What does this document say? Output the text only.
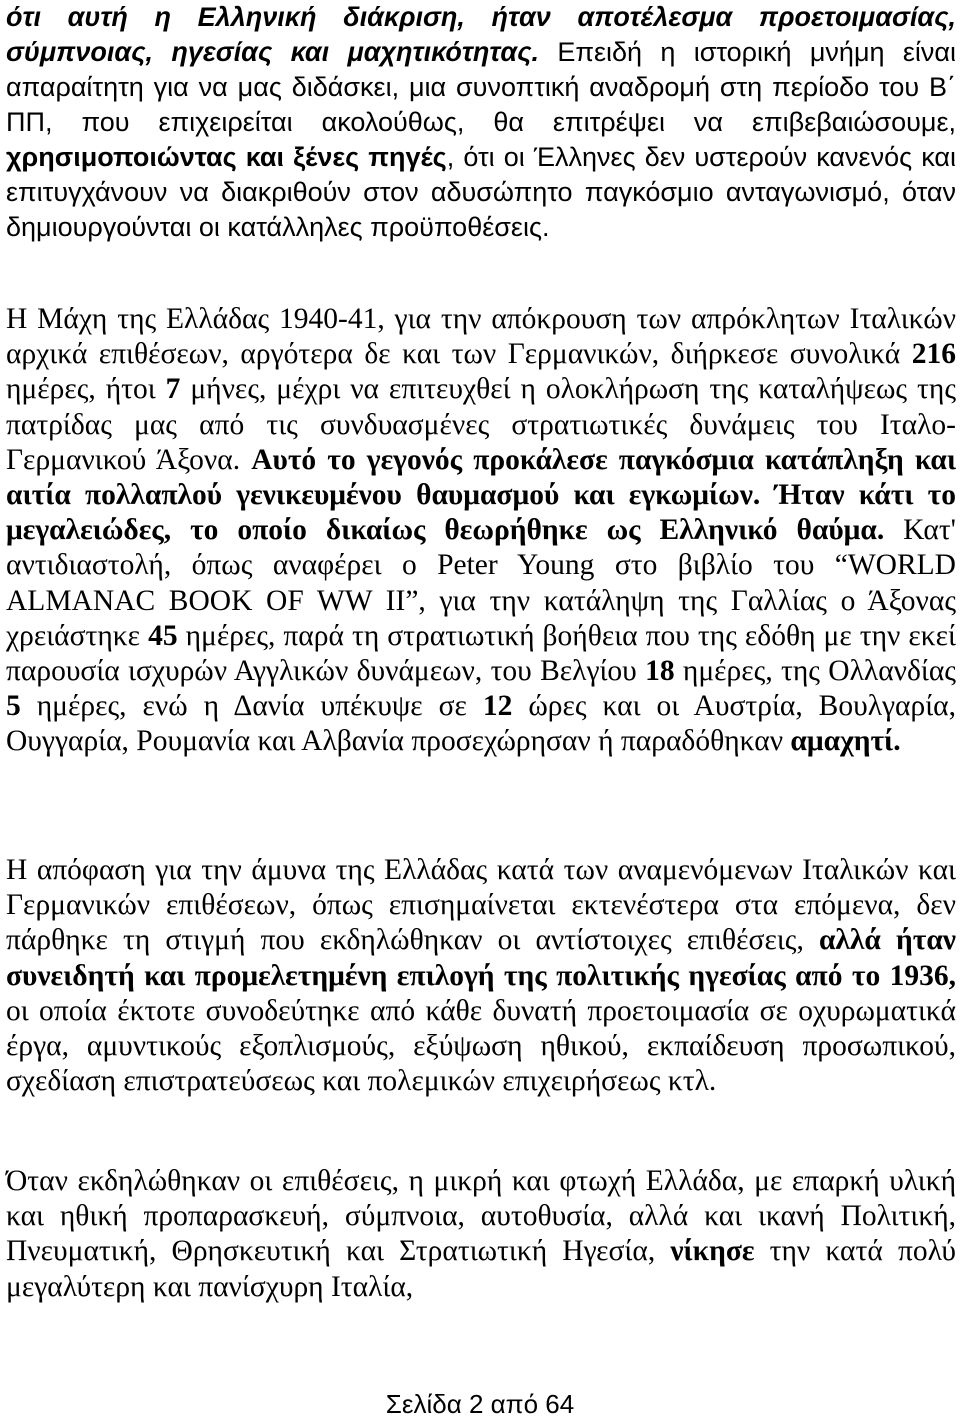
ότι αυτή η Ελληνική διάκριση, ήταν αποτέλεσμα προετοιμασίας, σύμπνοιας, ηγεσίας και μαχητικότητας. Επειδή η ιστορική μνήμη είναι απαραίτητη για να μας διδάσκει, μια συνοπτική αναδρομή στη περίοδο του Β΄ ΠΠ, που επιχειρείται ακολούθως, θα επιτρέψει να επιβεβαιώσουμε, χρησιμοποιώντας και ξένες πηγές, ότι οι Έλληνες δεν υστερούν κανενός και επιτυγχάνουν να διακριθούν στον αδυσώπητο παγκόσμιο ανταγωνισμό, όταν δημιουργούνται οι κατάλληλες προϋποθέσεις.

Η Μάχη της Ελλάδας 1940-41, για την απόκρουση των απρόκλητων Ιταλικών αρχικά επιθέσεων, αργότερα δε και των Γερμανικών, διήρκεσε συνολικά 216 ημέρες, ήτοι 7 μήνες, μέχρι να επιτευχθεί η ολοκλήρωση της καταλήψεως της πατρίδας μας από τις συνδυασμένες στρατιωτικές δυνάμεις του Ιταλο-Γερμανικού Άξονα. Αυτό το γεγονός προκάλεσε παγκόσμια κατάπληξη και αιτία πολλαπλού γενικευμένου θαυμασμού και εγκωμίων. Ήταν κάτι το μεγαλειώδες, το οποίο δικαίως θεωρήθηκε ως Ελληνικό θαύμα. Κατ' αντιδιαστολή, όπως αναφέρει ο Peter Young στο βιβλίο του “WORLD ALMANAC BOOK OF WW II”, για την κατάληψη της Γαλλίας ο Άξονας χρειάστηκε 45 ημέρες, παρά τη στρατιωτική βοήθεια που της εδόθη με την εκεί παρουσία ισχυρών Αγγλικών δυνάμεων, του Βελγίου 18 ημέρες, της Ολλανδίας 5 ημέρες, ενώ η Δανία υπέκυψε σε 12 ώρες και οι Αυστρία, Βουλγαρία, Ουγγαρία, Ρουμανία και Αλβανία προσεχώρησαν ή παραδόθηκαν αμαχητί.

Η απόφαση για την άμυνα της Ελλάδας κατά των αναμενόμενων Ιταλικών και Γερμανικών επιθέσεων, όπως επισημαίνεται εκτενέστερα στα επόμενα, δεν πάρθηκε τη στιγμή που εκδηλώθηκαν οι αντίστοιχες επιθέσεις, αλλά ήταν συνειδητή και προμελετημένη επιλογή της πολιτικής ηγεσίας από το 1936, οι οποία έκτοτε συνοδεύτηκε από κάθε δυνατή προετοιμασία σε οχυρωματικά έργα, αμυντικούς εξοπλισμούς, εξύψωση ηθικού, εκπαίδευση προσωπικού, σχεδίαση επιστρατεύσεως και πολεμικών επιχειρήσεως κτλ.

Όταν εκδηλώθηκαν οι επιθέσεις, η μικρή και φτωχή Ελλάδα, με επαρκή υλική και ηθική προπαρασκευή, σύμπνοια, αυτοθυσία, αλλά και ικανή Πολιτική, Πνευματική, Θρησκευτική και Στρατιωτική Ηγεσία, νίκησε την κατά πολύ μεγαλύτερη και πανίσχυρη Ιταλία,

Σελίδα 2 από 64
